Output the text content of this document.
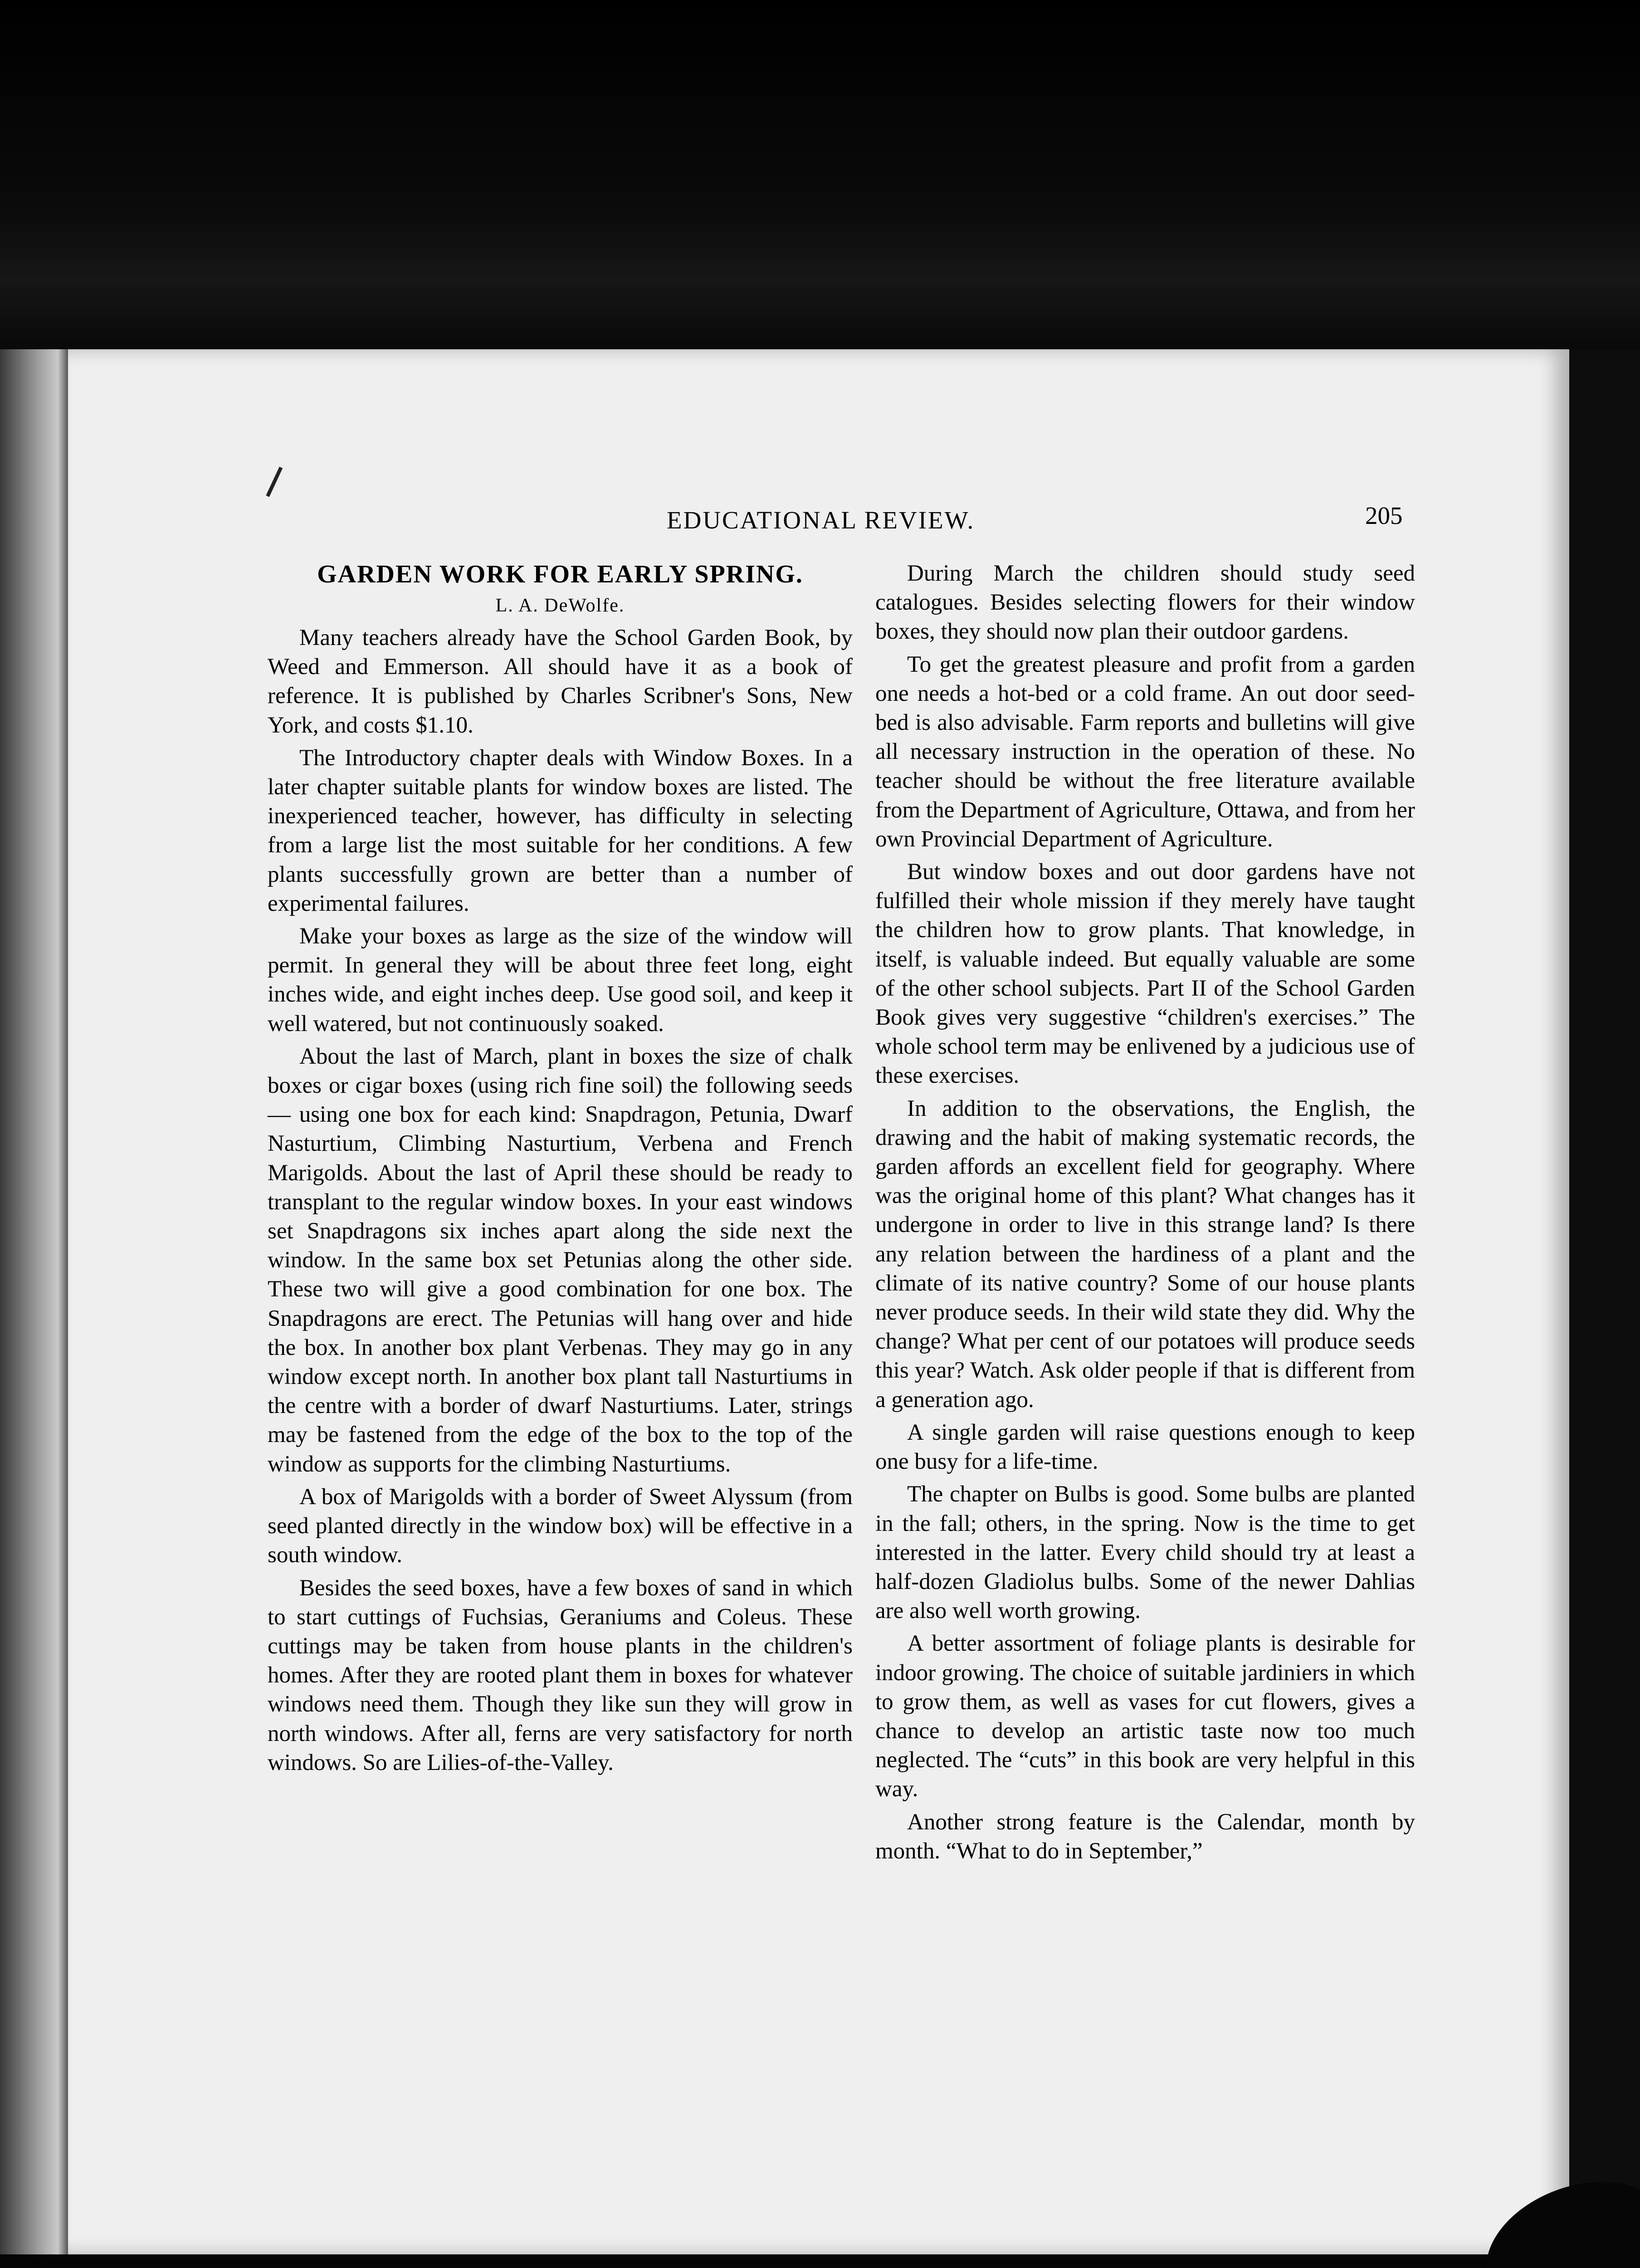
EDUCATIONAL REVIEW.	205
GARDEN WORK FOR EARLY SPRING.
L. A. DeWolfe.

Many teachers already have the School Garden Book, by Weed and Emmerson. All should have it as a book of reference. It is published by Charles Scribner's Sons, New York, and costs $1.10.

The Introductory chapter deals with Window Boxes. In a later chapter suitable plants for window boxes are listed. The inexperienced teacher, however, has difficulty in selecting from a large list the most suitable for her conditions. A few plants successfully grown are better than a number of experimental failures.

Make your boxes as large as the size of the window will permit. In general they will be about three feet long, eight inches wide, and eight inches deep. Use good soil, and keep it well watered, but not continuously soaked.

About the last of March, plant in boxes the size of chalk boxes or cigar boxes (using rich fine soil) the following seeds — using one box for each kind: Snapdragon, Petunia, Dwarf Nasturtium, Climbing Nasturtium, Verbena and French Marigolds. About the last of April these should be ready to transplant to the regular window boxes. In your east windows set Snapdragons six inches apart along the side next the window. In the same box set Petunias along the other side. These two will give a good combination for one box. The Snapdragons are erect. The Petunias will hang over and hide the box. In another box plant Verbenas. They may go in any window except north. In another box plant tall Nasturtiums in the centre with a border of dwarf Nasturtiums. Later, strings may be fastened from the edge of the box to the top of the window as supports for the climbing Nasturtiums.

A box of Marigolds with a border of Sweet Alyssum (from seed planted directly in the window box) will be effective in a south window.

Besides the seed boxes, have a few boxes of sand in which to start cuttings of Fuchsias, Geraniums and Coleus. These cuttings may be taken from house plants in the children's homes. After they are rooted plant them in boxes for whatever windows need them. Though they like sun they will grow in north windows. After all, ferns are very satisfactory for north windows. So are Lilies-of-the-Valley.

During March the children should study seed catalogues. Besides selecting flowers for their window boxes, they should now plan their outdoor gardens.

To get the greatest pleasure and profit from a garden one needs a hot-bed or a cold frame. An out door seed-bed is also advisable. Farm reports and bulletins will give all necessary instruction in the operation of these. No teacher should be without the free literature available from the Department of Agriculture, Ottawa, and from her own Provincial Department of Agriculture.

But window boxes and out door gardens have not fulfilled their whole mission if they merely have taught the children how to grow plants. That knowledge, in itself, is valuable indeed. But equally valuable are some of the other school subjects. Part II of the School Garden Book gives very suggestive “children's exercises.” The whole school term may be enlivened by a judicious use of these exercises.

In addition to the observations, the English, the drawing and the habit of making systematic records, the garden affords an excellent field for geography. Where was the original home of this plant? What changes has it undergone in order to live in this strange land? Is there any relation between the hardiness of a plant and the climate of its native country? Some of our house plants never produce seeds. In their wild state they did. Why the change? What per cent of our potatoes will produce seeds this year? Watch. Ask older people if that is different from a generation ago.

A single garden will raise questions enough to keep one busy for a life-time.

The chapter on Bulbs is good. Some bulbs are planted in the fall; others, in the spring. Now is the time to get interested in the latter. Every child should try at least a half-dozen Gladiolus bulbs. Some of the newer Dahlias are also well worth growing.

A better assortment of foliage plants is desirable for indoor growing. The choice of suitable jardiniers in which to grow them, as well as vases for cut flowers, gives a chance to develop an artistic taste now too much neglected. The “cuts” in this book are very helpful in this way.

Another strong feature is the Calendar, month by month. “What to do in September,”
